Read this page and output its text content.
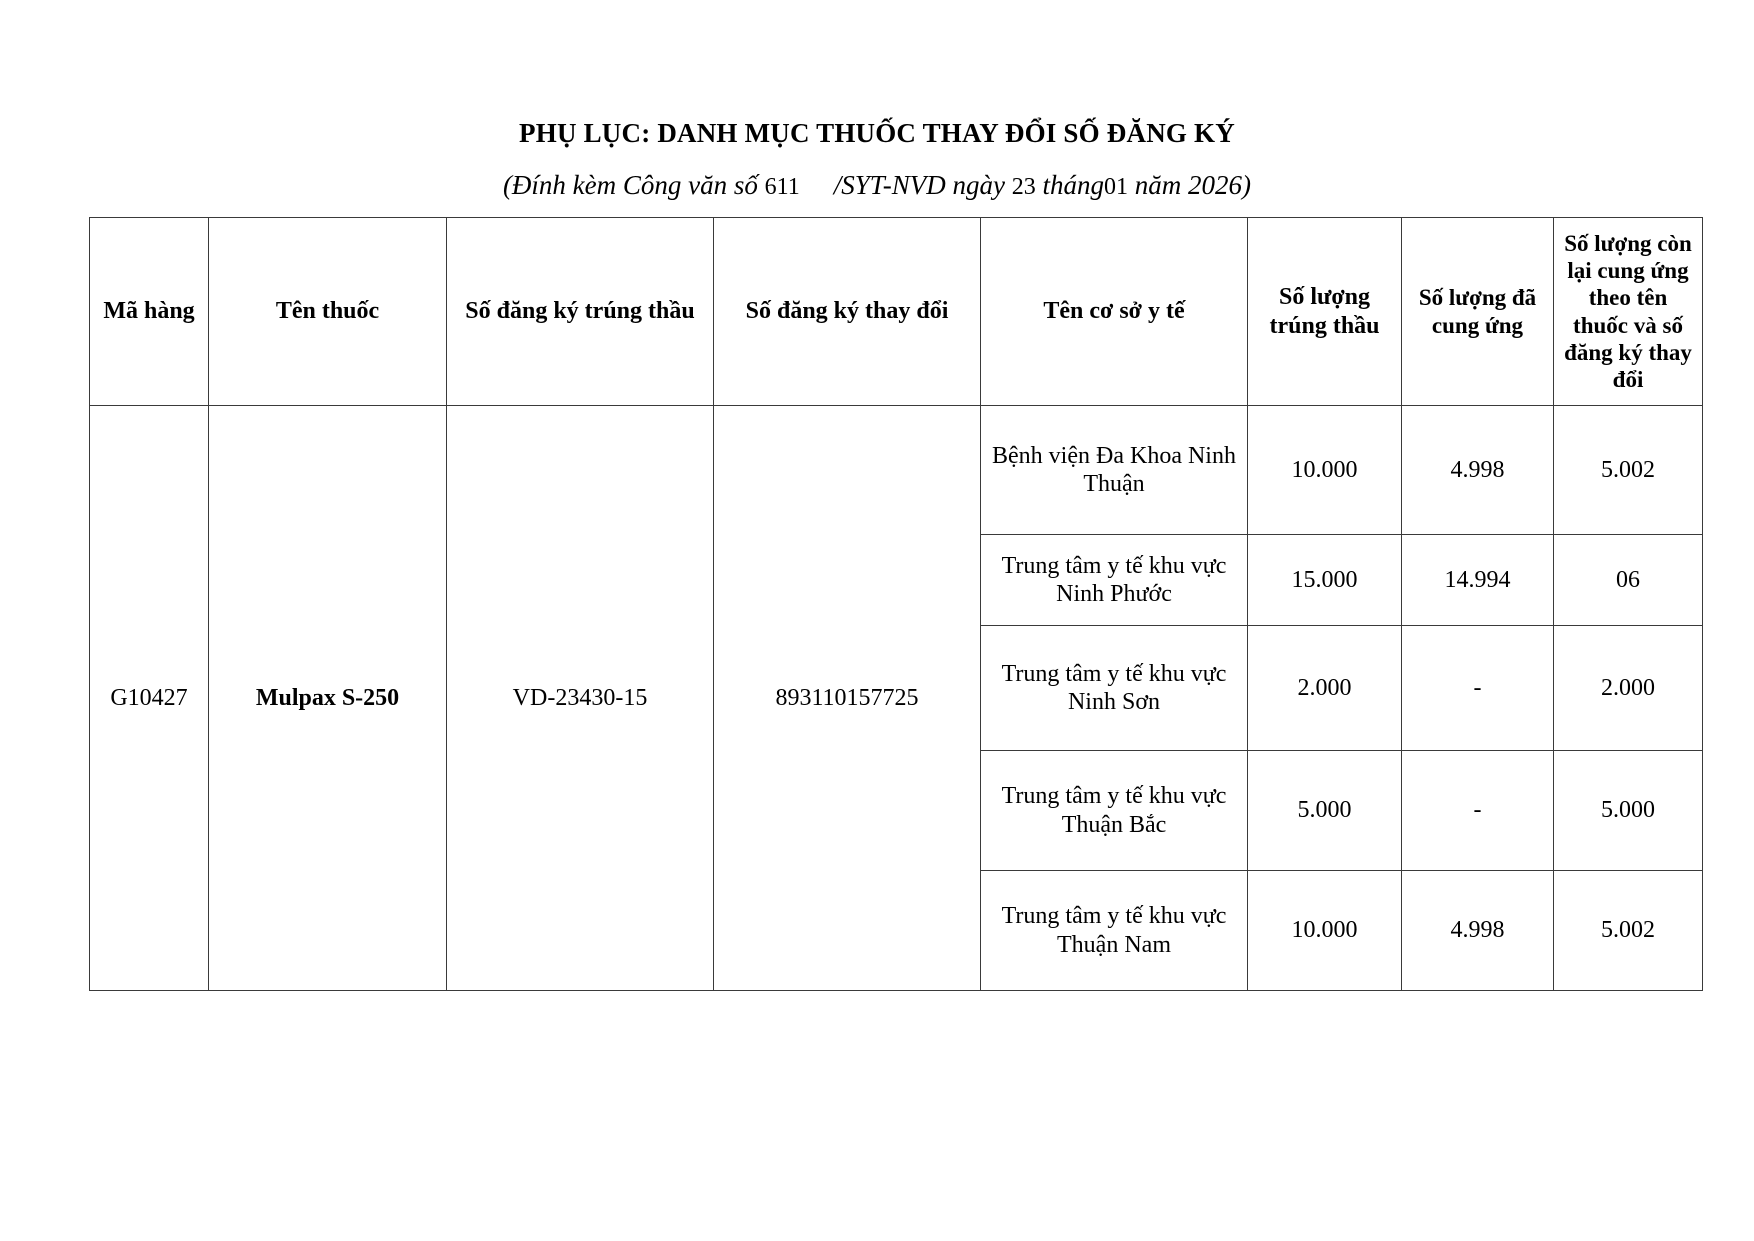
PHỤ LỤC: DANH MỤC THUỐC THAY ĐỔI SỐ ĐĂNG KÝ
(Đính kèm Công văn số 611 /SYT-NVD ngày 23 tháng01 năm 2026)
Mã hàng	Tên thuốc	Số đăng ký trúng thầu	Số đăng ký thay đổi	Tên cơ sở y tế	Số lượng trúng thầu	Số lượng đã cung ứng	Số lượng còn lại cung ứng theo tên thuốc và số đăng ký thay đổi
G10427	Mulpax S-250	VD-23430-15	893110157725	Bệnh viện Đa Khoa Ninh Thuận	10.000	4.998	5.002
				Trung tâm y tế khu vực Ninh Phước	15.000	14.994	06
				Trung tâm y tế khu vực Ninh Sơn	2.000	-	2.000
				Trung tâm y tế khu vực Thuận Bắc	5.000	-	5.000
				Trung tâm y tế khu vực Thuận Nam	10.000	4.998	5.002
